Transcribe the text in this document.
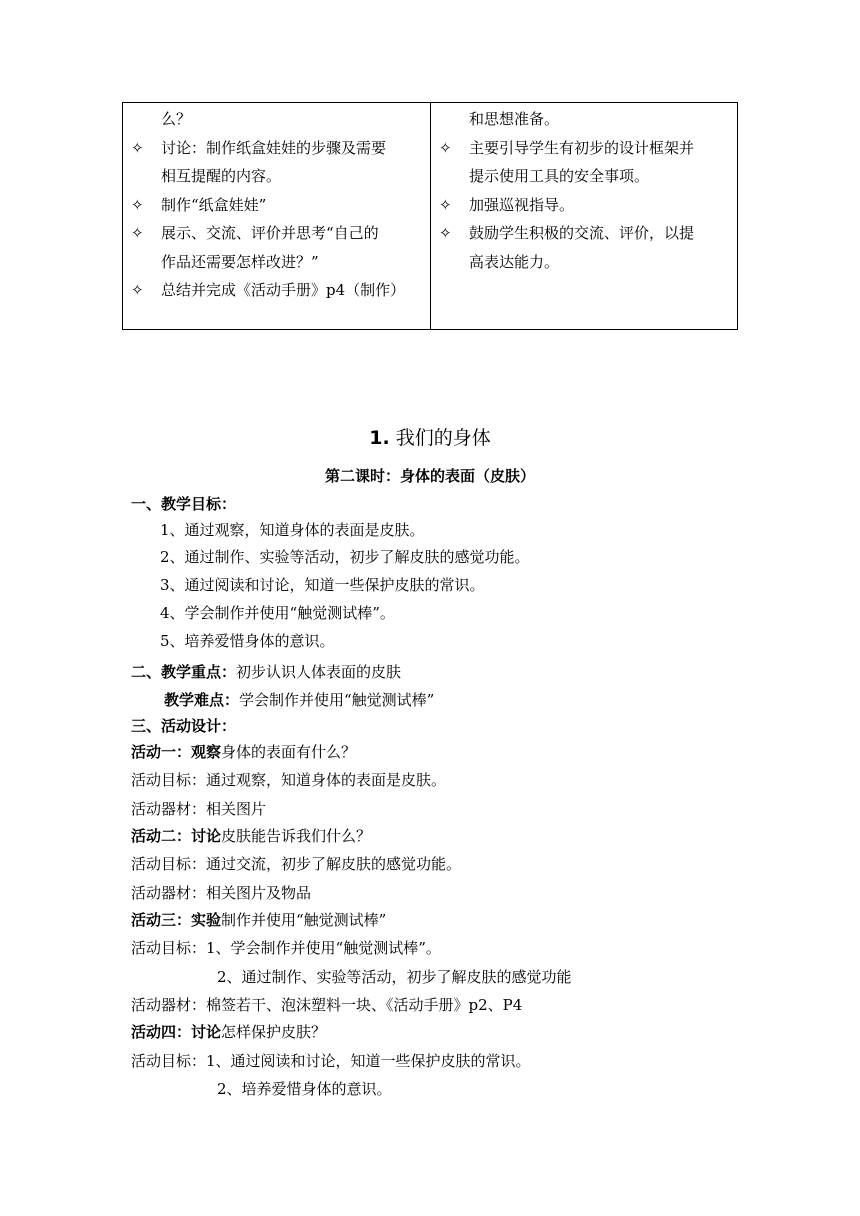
么？
✧ 讨论：制作纸盒娃娃的步骤及需要
相互提醒的内容。
✧ 制作“纸盒娃娃”
✧ 展示、交流、评价并思考“自己的
作品还需要怎样改进？”
✧ 总结并完成《活动手册》p4（制作）
和思想准备。
✧ 主要引导学生有初步的设计框架并
提示使用工具的安全事项。
✧ 加强巡视指导。
✧ 鼓励学生积极的交流、评价，以提
高表达能力。
1. 我们的身体
第二课时：身体的表面（皮肤）
一、教学目标：
1、通过观察，知道身体的表面是皮肤。
2、通过制作、实验等活动，初步了解皮肤的感觉功能。
3、通过阅读和讨论，知道一些保护皮肤的常识。
4、学会制作并使用“触觉测试棒”。
5、培养爱惜身体的意识。
二、教学重点：初步认识人体表面的皮肤
教学难点：学会制作并使用“触觉测试棒”
三、活动设计：
活动一：观察身体的表面有什么？
活动目标：通过观察，知道身体的表面是皮肤。
活动器材：相关图片
活动二：讨论皮肤能告诉我们什么？
活动目标：通过交流，初步了解皮肤的感觉功能。
活动器材：相关图片及物品
活动三：实验制作并使用“触觉测试棒”
活动目标：1、学会制作并使用“触觉测试棒”。
2、通过制作、实验等活动，初步了解皮肤的感觉功能
活动器材：棉签若干、泡沫塑料一块、《活动手册》p2、P4
活动四：讨论怎样保护皮肤？
活动目标：1、通过阅读和讨论，知道一些保护皮肤的常识。
2、培养爱惜身体的意识。
